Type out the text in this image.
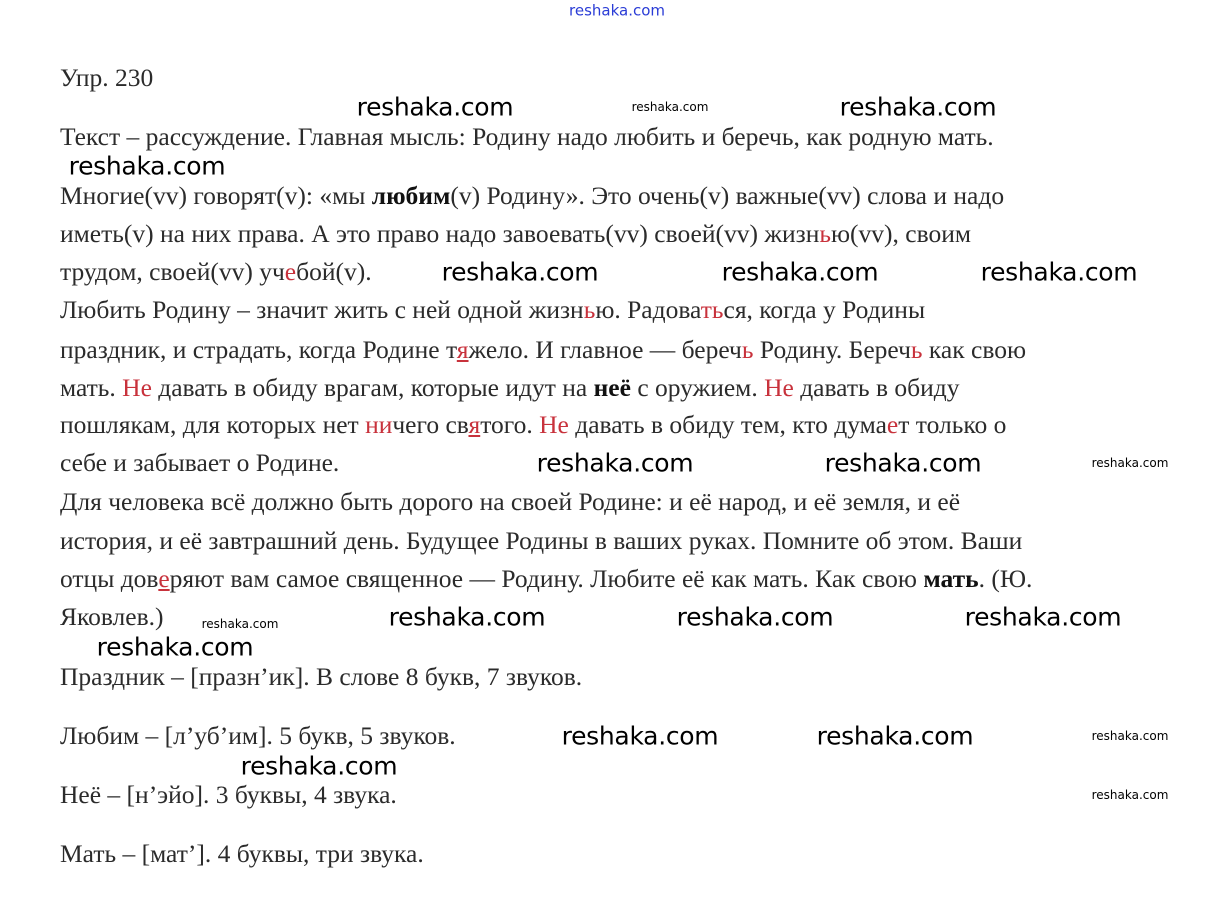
Упр. 230
Текст – рассуждение. Главная мысль: Родину надо любить и беречь, как родную мать.
Многие(vv) говорят(v): «мы любим(v) Родину». Это очень(v) важные(vv) слова и надо
иметь(v) на них права. А это право надо завоевать(vv) своей(vv) жизнью(vv), своим
трудом, своей(vv) учебой(v).
Любить Родину – значит жить с ней одной жизнью. Радоваться, когда у Родины
праздник, и страдать, когда Родине тяжело. И главное — беречь Родину. Беречь как свою
мать. Не давать в обиду врагам, которые идут на неё с оружием. Не давать в обиду
пошлякам, для которых нет ничего святого. Не давать в обиду тем, кто думает только о
себе и забывает о Родине.
Для человека всё должно быть дорого на своей Родине: и её народ, и её земля, и её
история, и её завтрашний день. Будущее Родины в ваших руках. Помните об этом. Ваши
отцы доверяют вам самое священное — Родину. Любите её как мать. Как свою мать. (Ю.
Яковлев.)
Праздник – [празн’ик]. В слове 8 букв, 7 звуков.
Любим – [л’уб’им]. 5 букв, 5 звуков.
Неё – [н’эйо]. 3 буквы, 4 звука.
Мать – [мат’]. 4 буквы, три звука.
reshaka.com
reshaka.com	reshaka.com	reshaka.com
reshaka.com
reshaka.com
reshaka.com	reshaka.com
reshaka.com
reshaka.com	reshaka.com
reshaka.com
reshaka.com	reshaka.com	reshaka.com
reshaka.com
reshaka.com
reshaka.com	reshaka.com
reshaka.com
reshaka.com
